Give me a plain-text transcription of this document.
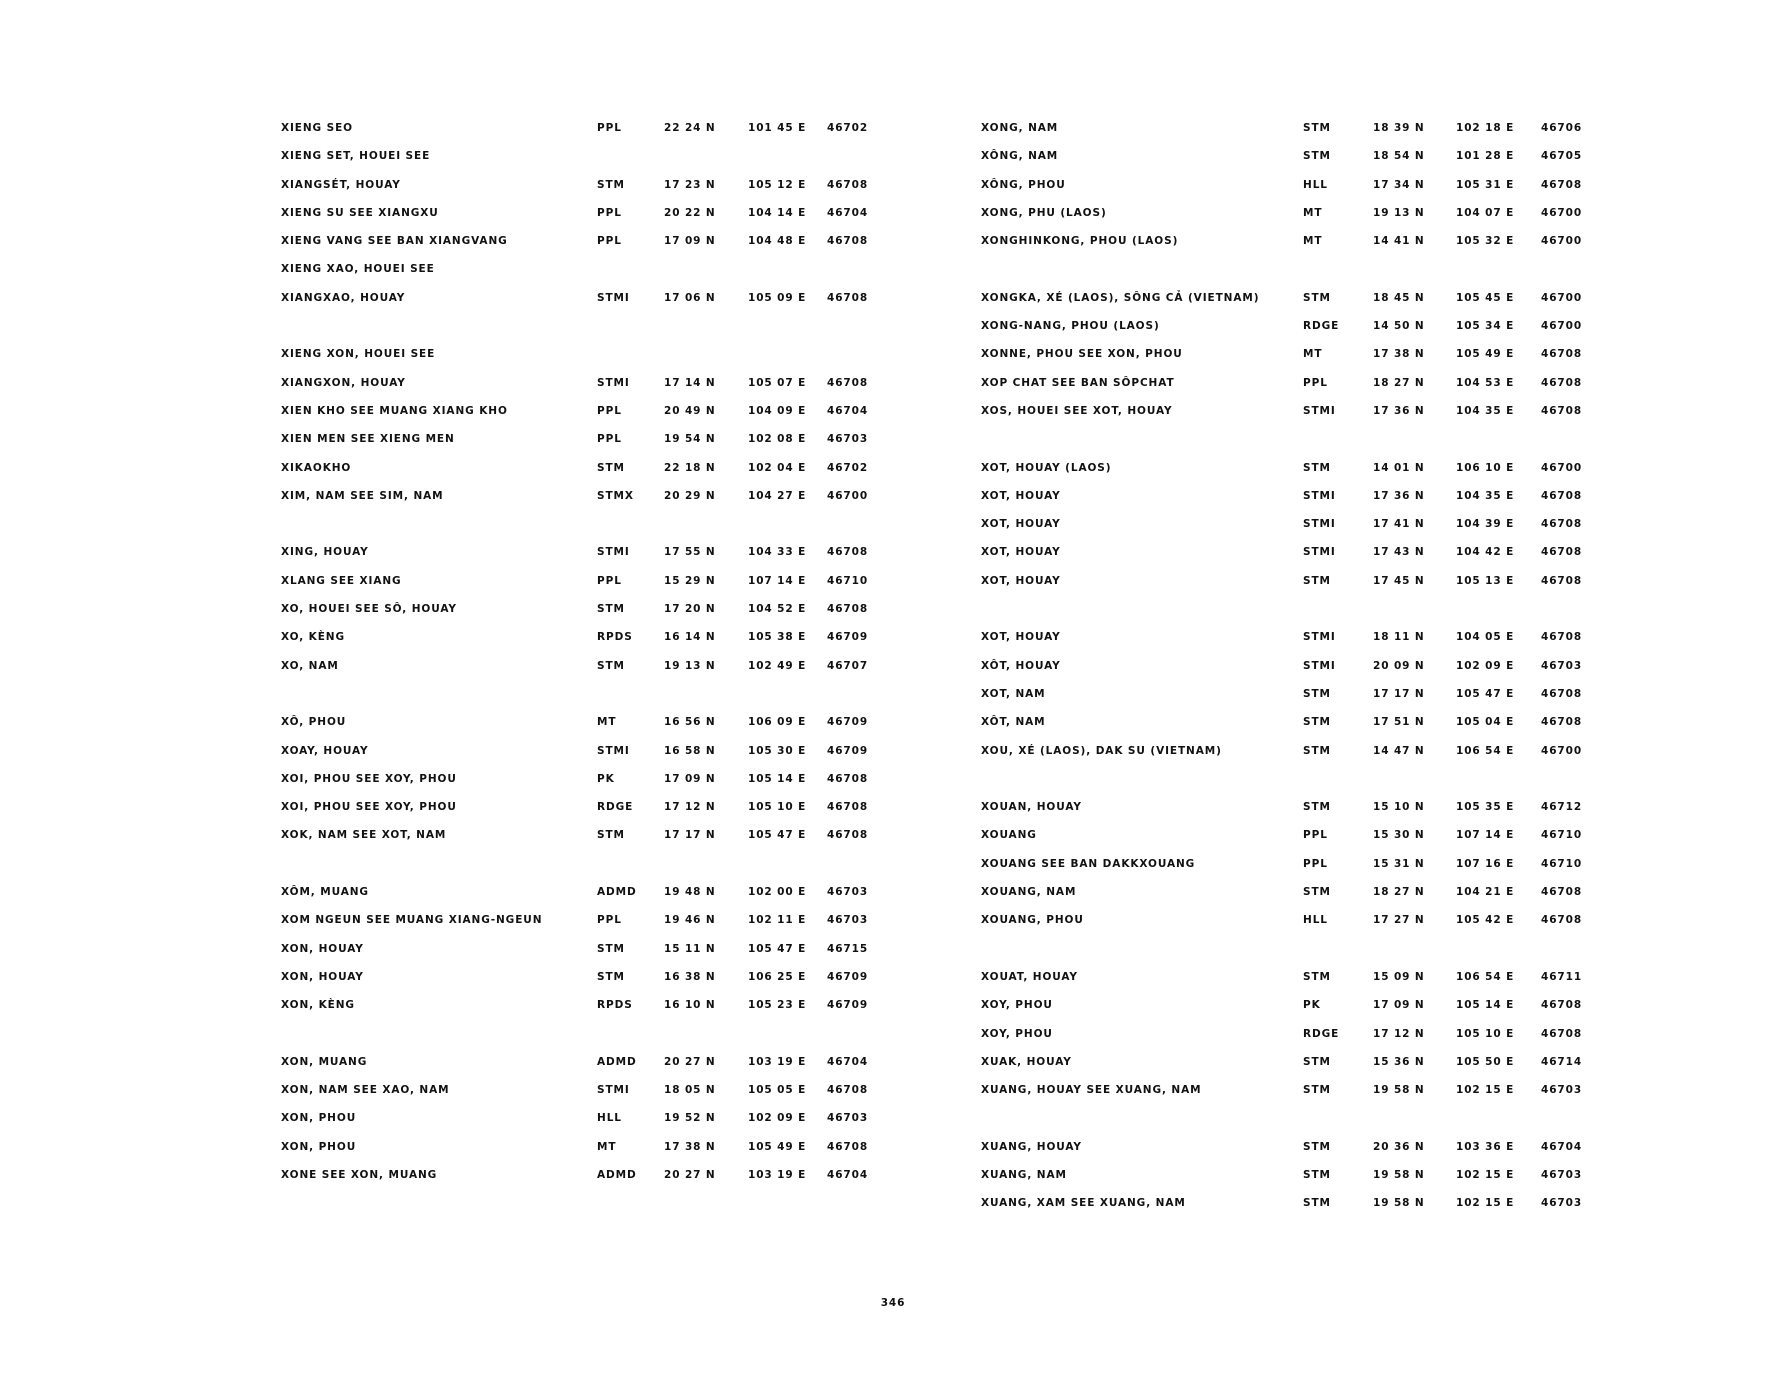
XIENG SEO	PPL	22 24 N	101 45 E 46702
XIENG SET, HOUEI SEE
XIANGSÉT, HOUAY	STM	17 23 N	105 12 E 46708
XIENG SU SEE XIANGXU	PPL	20 22 N	104 14 E 46704
XIENG VANG SEE BAN XIANGVANG	PPL	17 09 N	104 48 E 46708
XIENG XAO, HOUEI SEE
XIANGXAO, HOUAY	STMI	17 06 N	105 09 E 46708
XIENG XON, HOUEI SEE
XIANGXON, HOUAY	STMI	17 14 N	105 07 E 46708
XIEN KHO SEE MUANG XIANG KHO	PPL	20 49 N	104 09 E 46704
XIEN MEN SEE XIENG MEN	PPL	19 54 N	102 08 E 46703
XIKAOKHO	STM	22 18 N	102 04 E 46702
XIM, NAM SEE SIM, NAM	STMX	20 29 N	104 27 E 46700
XING, HOUAY	STMI	17 55 N	104 33 E 46708
XLANG SEE XIANG	PPL	15 29 N	107 14 E 46710
XO, HOUEI SEE SÔ, HOUAY	STM	17 20 N	104 52 E 46708
XO, KÈNG	RPDS	16 14 N	105 38 E 46709
XO, NAM	STM	19 13 N	102 49 E 46707
XÔ, PHOU	MT	16 56 N	106 09 E 46709
XOAY, HOUAY	STMI	16 58 N	105 30 E 46709
XOI, PHOU SEE XOY, PHOU	PK	17 09 N	105 14 E 46708
XOI, PHOU SEE XOY, PHOU	RDGE	17 12 N	105 10 E 46708
XOK, NAM SEE XOT, NAM	STM	17 17 N	105 47 E 46708
XÔM, MUANG	ADMD	19 48 N	102 00 E 46703
XOM NGEUN SEE MUANG XIANG-NGEUN	PPL	19 46 N	102 11 E 46703
XON, HOUAY	STM	15 11 N	105 47 E 46715
XON, HOUAY	STM	16 38 N	106 25 E 46709
XON, KÈNG	RPDS	16 10 N	105 23 E 46709
XON, MUANG	ADMD	20 27 N	103 19 E 46704
XON, NAM SEE XAO, NAM	STMI	18 05 N	105 05 E 46708
XON, PHOU	HLL	19 52 N	102 09 E 46703
XON, PHOU	MT	17 38 N	105 49 E 46708
XONE SEE XON, MUANG	ADMD	20 27 N	103 19 E 46704
XONG, NAM	STM	18 39 N	102 18 E	46706
XÔNG, NAM	STM	18 54 N	101 28 E	46705
XÔNG, PHOU	HLL	17 34 N	105 31 E	46708
XONG, PHU (LAOS)	MT	19 13 N	104 07 E	46700
XONGHINKONG, PHOU (LAOS)	MT	14 41 N	105 32 E	46700
XONGKA, XÉ (LAOS), SÔNG CẢ (VIETNAM)	STM	18 45 N	105 45 E	46700
XONG-NANG, PHOU (LAOS)	RDGE	14 50 N	105 34 E	46700
XONNE, PHOU SEE XON, PHOU	MT	17 38 N	105 49 E	46708
XOP CHAT SEE BAN SÔPCHAT	PPL	18 27 N	104 53 E	46708
XOS, HOUEI SEE XOT, HOUAY	STMI	17 36 N	104 35 E	46708
XOT, HOUAY (LAOS)	STM	14 01 N	106 10 E	46700
XOT, HOUAY	STMI	17 36 N	104 35 E	46708
XOT, HOUAY	STMI	17 41 N	104 39 E	46708
XOT, HOUAY	STMI	17 43 N	104 42 E	46708
XOT, HOUAY	STM	17 45 N	105 13 E	46708
XOT, HOUAY	STMI	18 11 N	104 05 E	46708
XÔT, HOUAY	STMI	20 09 N	102 09 E	46703
XOT, NAM	STM	17 17 N	105 47 E	46708
XÔT, NAM	STM	17 51 N	105 04 E	46708
XOU, XÉ (LAOS), DAK SU (VIETNAM)	STM	14 47 N	106 54 E	46700
XOUAN, HOUAY	STM	15 10 N	105 35 E	46712
XOUANG	PPL	15 30 N	107 14 E	46710
XOUANG SEE BAN DAKKXOUANG	PPL	15 31 N	107 16 E	46710
XOUANG, NAM	STM	18 27 N	104 21 E	46708
XOUANG, PHOU	HLL	17 27 N	105 42 E	46708
XOUAT, HOUAY	STM	15 09 N	106 54 E	46711
XOY, PHOU	PK	17 09 N	105 14 E	46708
XOY, PHOU	RDGE	17 12 N	105 10 E	46708
XUAK, HOUAY	STM	15 36 N	105 50 E	46714
XUANG, HOUAY SEE XUANG, NAM	STM	19 58 N	102 15 E	46703
XUANG, HOUAY	STM	20 36 N	103 36 E	46704
XUANG, NAM	STM	19 58 N	102 15 E	46703
XUANG, XAM SEE XUANG, NAM	STM	19 58 N	102 15 E	46703
346
